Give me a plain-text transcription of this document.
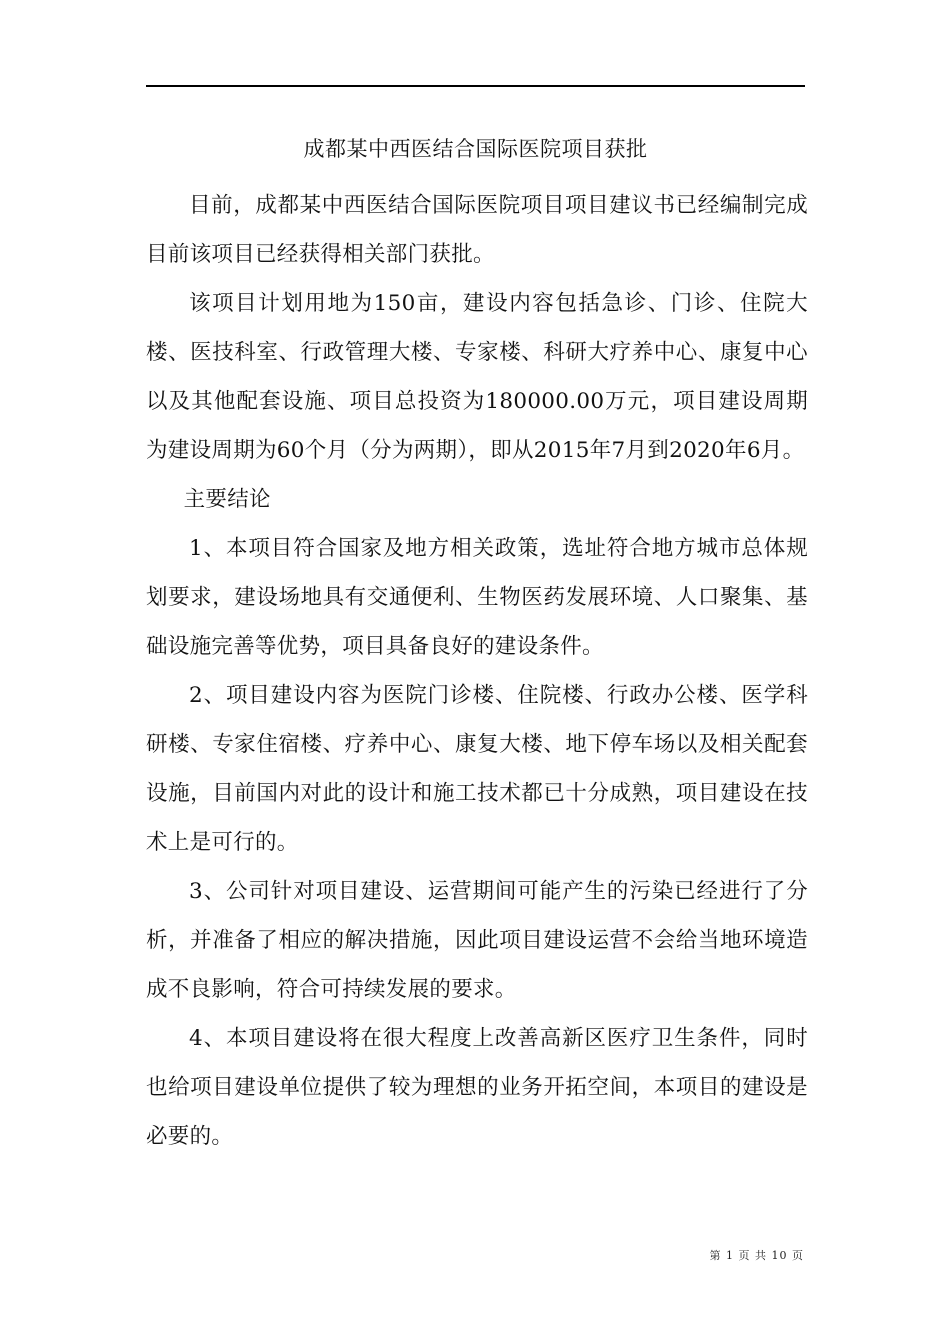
成都某中西医结合国际医院项目获批

目前，成都某中西医结合国际医院项目项目建议书已经编制完成目前该项目已经获得相关部门获批。

该项目计划用地为150亩，建设内容包括急诊、门诊、住院大楼、医技科室、行政管理大楼、专家楼、科研大疗养中心、康复中心以及其他配套设施、项目总投资为180000.00万元，项目建设周期为建设周期为60个月（分为两期），即从2015年7月到2020年6月。

主要结论

1、本项目符合国家及地方相关政策，选址符合地方城市总体规划要求，建设场地具有交通便利、生物医药发展环境、人口聚集、基础设施完善等优势，项目具备良好的建设条件。

2、项目建设内容为医院门诊楼、住院楼、行政办公楼、医学科研楼、专家住宿楼、疗养中心、康复大楼、地下停车场以及相关配套设施，目前国内对此的设计和施工技术都已十分成熟，项目建设在技术上是可行的。

3、公司针对项目建设、运营期间可能产生的污染已经进行了分析，并准备了相应的解决措施，因此项目建设运营不会给当地环境造成不良影响，符合可持续发展的要求。

4、本项目建设将在很大程度上改善高新区医疗卫生条件，同时也给项目建设单位提供了较为理想的业务开拓空间，本项目的建设是必要的。

第 1 页 共 10 页
